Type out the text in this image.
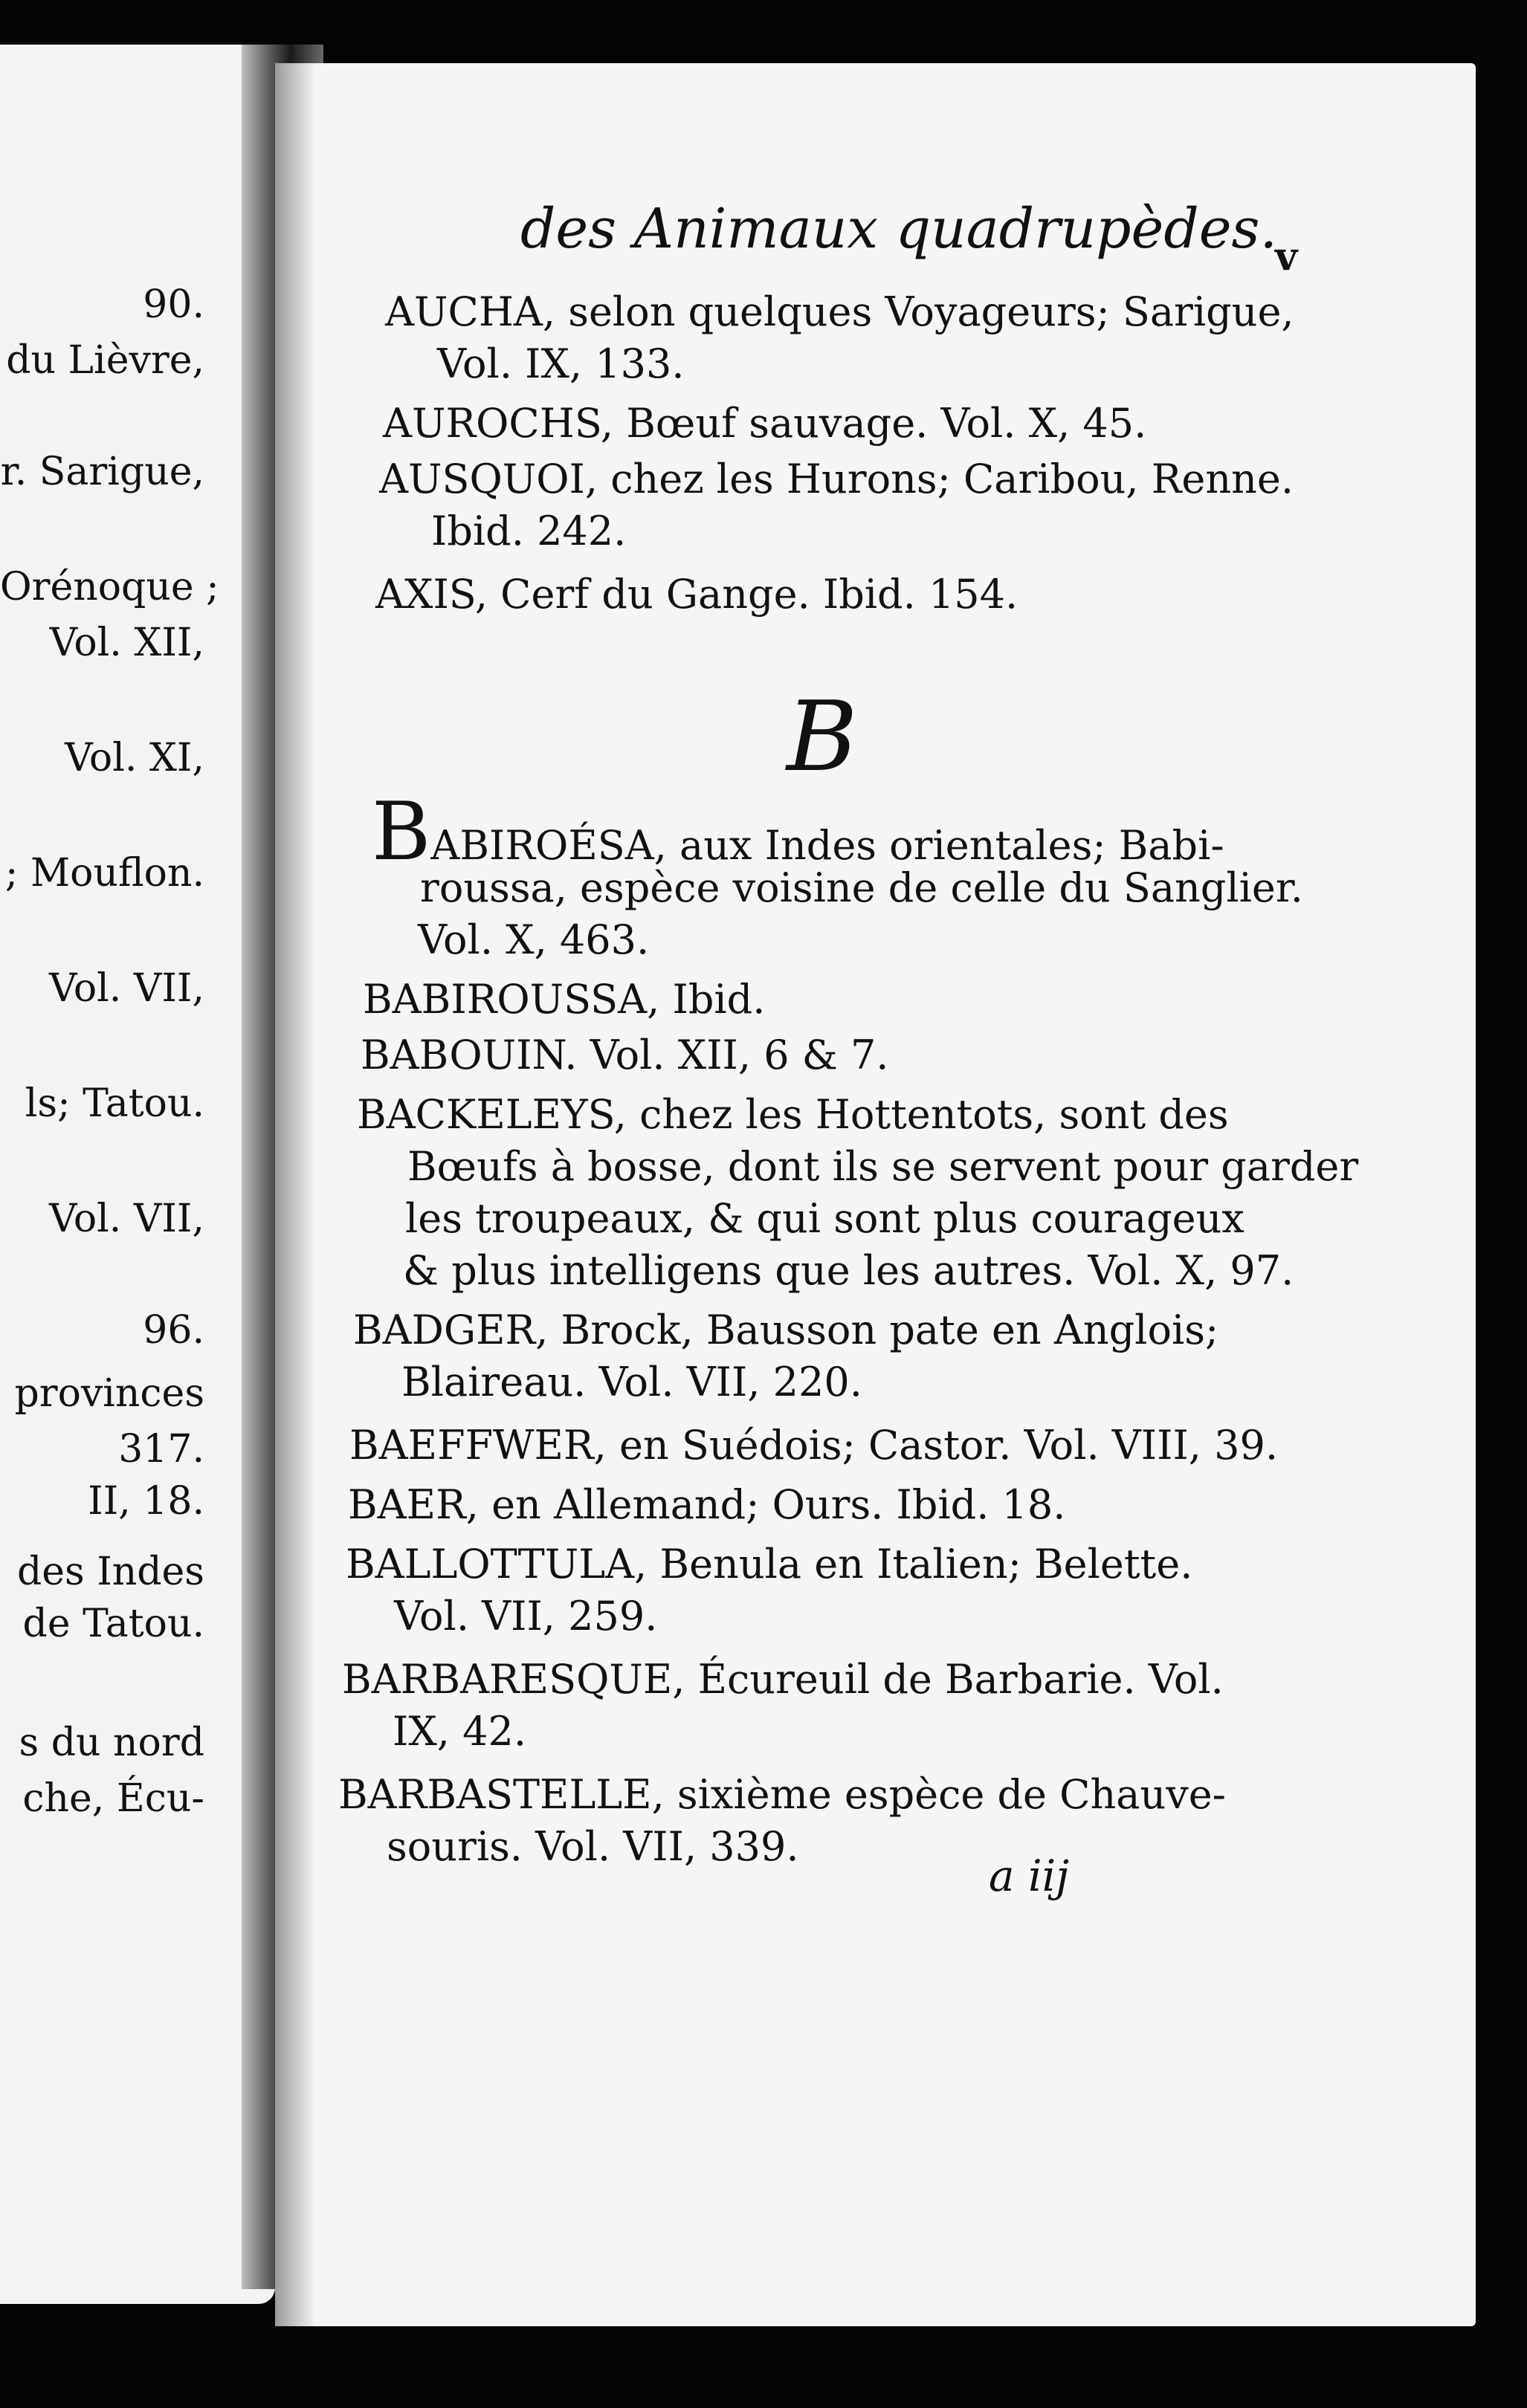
90.
du Lièvre,
r. Sarigue,
Orénoque ;
Vol. XII,
Vol. XI,
; Mouflon.
Vol. VII,
ls; Tatou.
Vol. VII,
96.
provinces
317.
II, 18.
des Indes
de Tatou.
s du nord
che, Écu-
des Animaux quadrupèdes.
v
AUCHA, selon quelques Voyageurs; Sarigue,
Vol. IX, 133.
AUROCHS, Bœuf sauvage. Vol. X, 45.
AUSQUOI, chez les Hurons; Caribou, Renne.
Ibid. 242.
AXIS, Cerf du Gange. Ibid. 154.
B
BABIROÉSA, aux Indes orientales; Babi-
roussa, espèce voisine de celle du Sanglier.
Vol. X, 463.
BABIROUSSA, Ibid.
BABOUIN. Vol. XII, 6 & 7.
BACKELEYS, chez les Hottentots, sont des
Bœufs à bosse, dont ils se servent pour garder
les troupeaux, & qui sont plus courageux
& plus intelligens que les autres. Vol. X, 97.
BADGER, Brock, Bausson pate en Anglois;
Blaireau. Vol. VII, 220.
BAEFFWER, en Suédois; Castor. Vol. VIII, 39.
BAER, en Allemand; Ours. Ibid. 18.
BALLOTTULA, Benula en Italien; Belette.
Vol. VII, 259.
BARBARESQUE, Écureuil de Barbarie. Vol.
IX, 42.
BARBASTELLE, sixième espèce de Chauve-
souris. Vol. VII, 339.
a iij
